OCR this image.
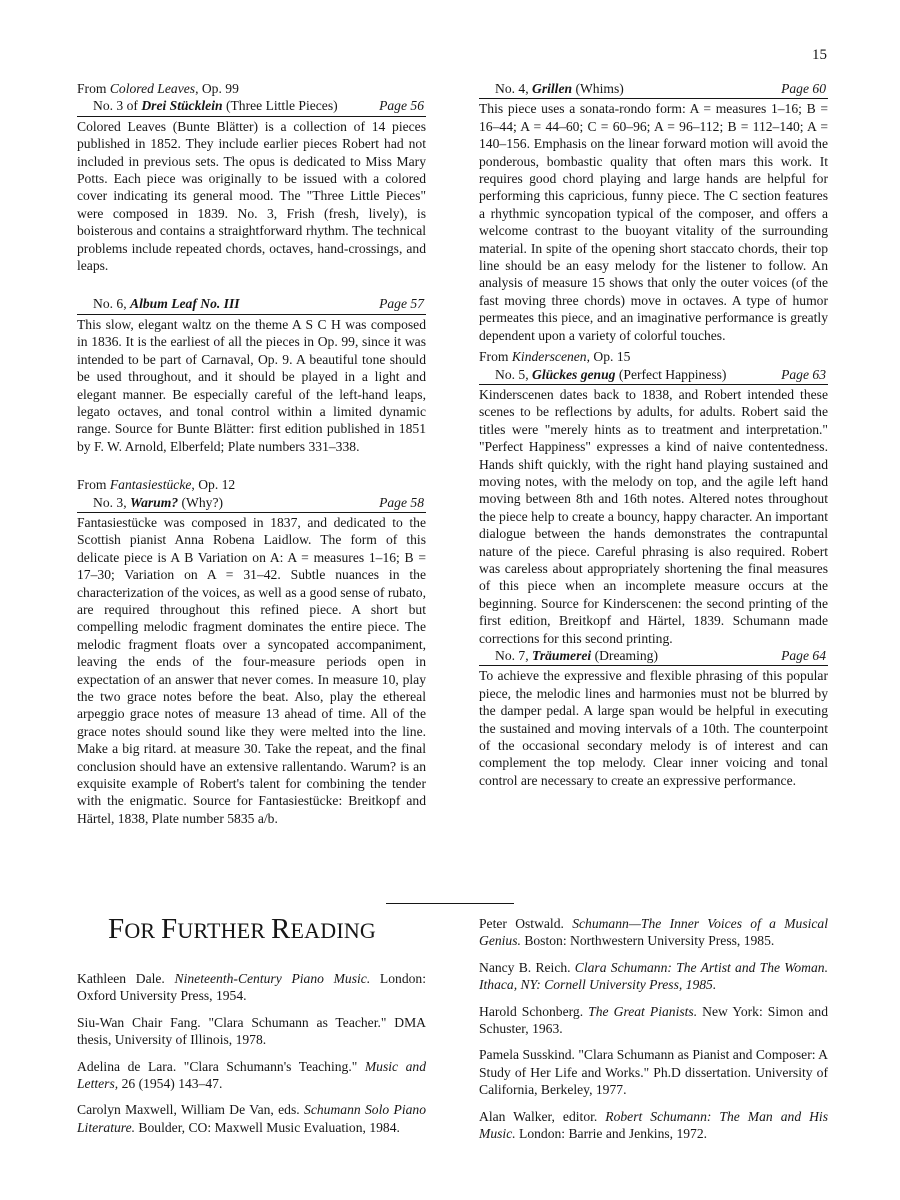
15

From Colored Leaves, Op. 99

No. 3 of Drei Stücklein (Three Little Pieces)	Page 56

Colored Leaves (Bunte Blätter) is a collection of 14 pieces published in 1852. They include earlier pieces Robert had not included in previous sets. The opus is dedicated to Miss Mary Potts. Each piece was originally to be issued with a colored cover indicating its general mood. The "Three Little Pieces" were composed in 1839. No. 3, Frish (fresh, lively), is boisterous and contains a straightforward rhythm. The technical problems include repeated chords, octaves, hand-crossings, and leaps.

No. 6, Album Leaf No. III	Page 57

This slow, elegant waltz on the theme A S C H was composed in 1836. It is the earliest of all the pieces in Op. 99, since it was intended to be part of Carnaval, Op. 9. A beautiful tone should be used throughout, and it should be played in a light and elegant manner. Be especially careful of the left-hand leaps, legato octaves, and tonal control within a limited dynamic range. Source for Bunte Blätter: first edition published in 1851 by F. W. Arnold, Elberfeld; Plate numbers 331–338.

From Fantasiestücke, Op. 12

No. 3, Warum? (Why?)	Page 58

Fantasiestücke was composed in 1837, and dedicated to the Scottish pianist Anna Robena Laidlow. The form of this delicate piece is A B Variation on A: A = measures 1–16; B = 17–30; Variation on A = 31–42. Subtle nuances in the characterization of the voices, as well as a good sense of rubato, are required throughout this refined piece. A short but compelling melodic fragment dominates the entire piece. The melodic fragment floats over a syncopated accompaniment, leaving the ends of the four-measure periods open in expectation of an answer that never comes. In measure 10, play the two grace notes before the beat. Also, play the ethereal arpeggio grace notes of measure 13 ahead of time. All of the grace notes should sound like they were melted into the line. Make a big ritard. at measure 30. Take the repeat, and the final conclusion should have an extensive rallentando. Warum? is an exquisite example of Robert's talent for combining the tender with the enigmatic. Source for Fantasiestücke: Breitkopf and Härtel, 1838, Plate number 5835 a/b.

No. 4, Grillen (Whims)	Page 60

This piece uses a sonata-rondo form: A = measures 1–16; B = 16–44; A = 44–60; C = 60–96; A = 96–112; B = 112–140; A = 140–156. Emphasis on the linear forward motion will avoid the ponderous, bombastic quality that often mars this work. It requires good chord playing and large hands are helpful for performing this capricious, funny piece. The C section features a rhythmic syncopation typical of the composer, and offers a welcome contrast to the buoyant vitality of the surrounding material. In spite of the opening short staccato chords, their top line should be an easy melody for the listener to follow. An analysis of measure 15 shows that only the outer voices (of the fast moving three chords) move in octaves. A type of humor permeates this piece, and an imaginative performance is greatly dependent upon a variety of colorful touches.

From Kinderscenen, Op. 15

No. 5, Glückes genug (Perfect Happiness)	Page 63

Kinderscenen dates back to 1838, and Robert intended these scenes to be reflections by adults, for adults. Robert said the titles were "merely hints as to treatment and interpretation." "Perfect Happiness" expresses a kind of naive contentedness. Hands shift quickly, with the right hand playing sustained and moving notes, with the melody on top, and the agile left hand moving between 8th and 16th notes. Altered notes throughout the piece help to create a bouncy, happy character. An important dialogue between the hands demonstrates the contrapuntal nature of the piece. Careful phrasing is also required. Robert was careless about appropriately shortening the final measures of this piece when an incomplete measure occurs at the beginning. Source for Kinderscenen: the second printing of the first edition, Breitkopf and Härtel, 1839. Schumann made corrections for this second printing.

No. 7, Träumerei (Dreaming)	Page 64

To achieve the expressive and flexible phrasing of this popular piece, the melodic lines and harmonies must not be blurred by the damper pedal. A large span would be helpful in executing the sustained and moving intervals of a 10th. The counterpoint of the occasional secondary melody is of interest and can complement the top melody. Clear inner voicing and tonal control are necessary to create an expressive performance.

FOR FURTHER READING

Kathleen Dale. Nineteenth-Century Piano Music. London: Oxford University Press, 1954.

Siu-Wan Chair Fang. "Clara Schumann as Teacher." DMA thesis, University of Illinois, 1978.

Adelina de Lara. "Clara Schumann's Teaching." Music and Letters, 26 (1954) 143–47.

Carolyn Maxwell, William De Van, eds. Schumann Solo Piano Literature. Boulder, CO: Maxwell Music Evaluation, 1984.

Peter Ostwald. Schumann—The Inner Voices of a Musical Genius. Boston: Northwestern University Press, 1985.

Nancy B. Reich. Clara Schumann: The Artist and The Woman. Ithaca, NY: Cornell University Press, 1985.

Harold Schonberg. The Great Pianists. New York: Simon and Schuster, 1963.

Pamela Susskind. "Clara Schumann as Pianist and Composer: A Study of Her Life and Works." Ph.D dissertation. University of California, Berkeley, 1977.

Alan Walker, editor. Robert Schumann: The Man and His Music. London: Barrie and Jenkins, 1972.
